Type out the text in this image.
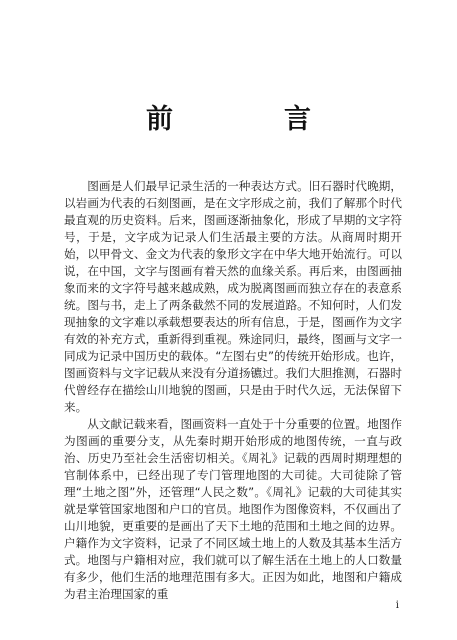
前　言

图画是人们最早记录生活的一种表达方式。旧石器时代晚期，以岩画为代表的石刻图画，是在文字形成之前，我们了解那个时代最直观的历史资料。后来，图画逐渐抽象化，形成了早期的文字符号，于是，文字成为记录人们生活最主要的方法。从商周时期开始，以甲骨文、金文为代表的象形文字在中华大地开始流行。可以说，在中国，文字与图画有着天然的血缘关系。再后来，由图画抽象而来的文字符号越来越成熟，成为脱离图画而独立存在的表意系统。图与书，走上了两条截然不同的发展道路。不知何时，人们发现抽象的文字难以承载想要表达的所有信息，于是，图画作为文字有效的补充方式，重新得到重视。殊途同归，最终，图画与文字一同成为记录中国历史的载体。“左图右史”的传统开始形成。也许，图画资料与文字记载从来没有分道扬镳过。我们大胆推测，石器时代曾经存在描绘山川地貌的图画，只是由于时代久远，无法保留下来。

从文献记载来看，图画资料一直处于十分重要的位置。地图作为图画的重要分支，从先秦时期开始形成的地图传统，一直与政治、历史乃至社会生活密切相关。《周礼》记载的西周时期理想的官制体系中，已经出现了专门管理地图的大司徒。大司徒除了管理“土地之图”外，还管理“人民之数”。《周礼》记载的大司徒其实就是掌管国家地图和户口的官员。地图作为图像资料，不仅画出了山川地貌，更重要的是画出了天下土地的范围和土地之间的边界。户籍作为文字资料，记录了不同区域土地上的人数及其基本生活方式。地图与户籍相对应，我们就可以了解生活在土地上的人口数量有多少，他们生活的地理范围有多大。正因为如此，地图和户籍成为君主治理国家的重

i
